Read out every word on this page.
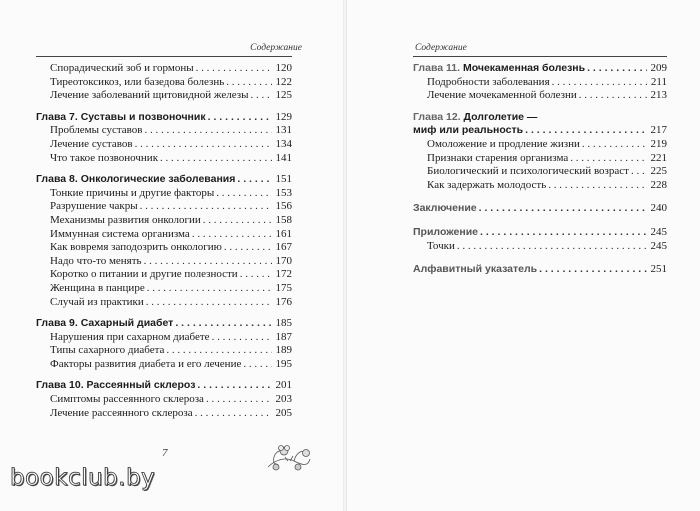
Содержание
Спорадический зоб и гормоны . . .	120
Тиреотоксикоз, или базедова болезнь . . .	122
Лечение заболеваний щитовидной железы . . . 125
Глава 7. Суставы и позвоночник . . .	129
Проблемы суставов . . .	131
Лечение суставов . . .	134
Что такое позвоночник . . .	141
Глава 8. Онкологические заболевания . . .	151
Тонкие причины и другие факторы . . .	153
Разрушение чакры . . .	156
Механизмы развития онкологии . . .	158
Иммунная система организма . . .	161
Как вовремя заподозрить онкологию . . .	167
Надо что-то менять . . .	170
Коротко о питании и другие полезности . . .	172
Женщина в панцире . . .	175
Случай из практики . . .	176
Глава 9. Сахарный диабет . . .	185
Нарушения при сахарном диабете . . .	187
Типы сахарного диабета . . .	189
Факторы развития диабета и его лечение . . .	195
Глава 10. Рассеянный склероз . . .	201
Симптомы рассеянного склероза . . .	203
Лечение рассеянного склероза . . .	205
7
Содержание
Глава 11. Мочекаменная болезнь . . .	209
Подробности заболевания . . .	211
Лечение мочекаменной болезни . . .	213
Глава 12. Долголетие —
миф или реальность . . .	217
Омоложение и продление жизни . . .	219
Признаки старения организма . . .	221
Биологический и психологический возраст . . . 225
Как задержать молодость . . .	228
Заключение . . .	240
Приложение . . .	245
Точки . . .	245
Алфавитный указатель . . .	251
bookclub.by
